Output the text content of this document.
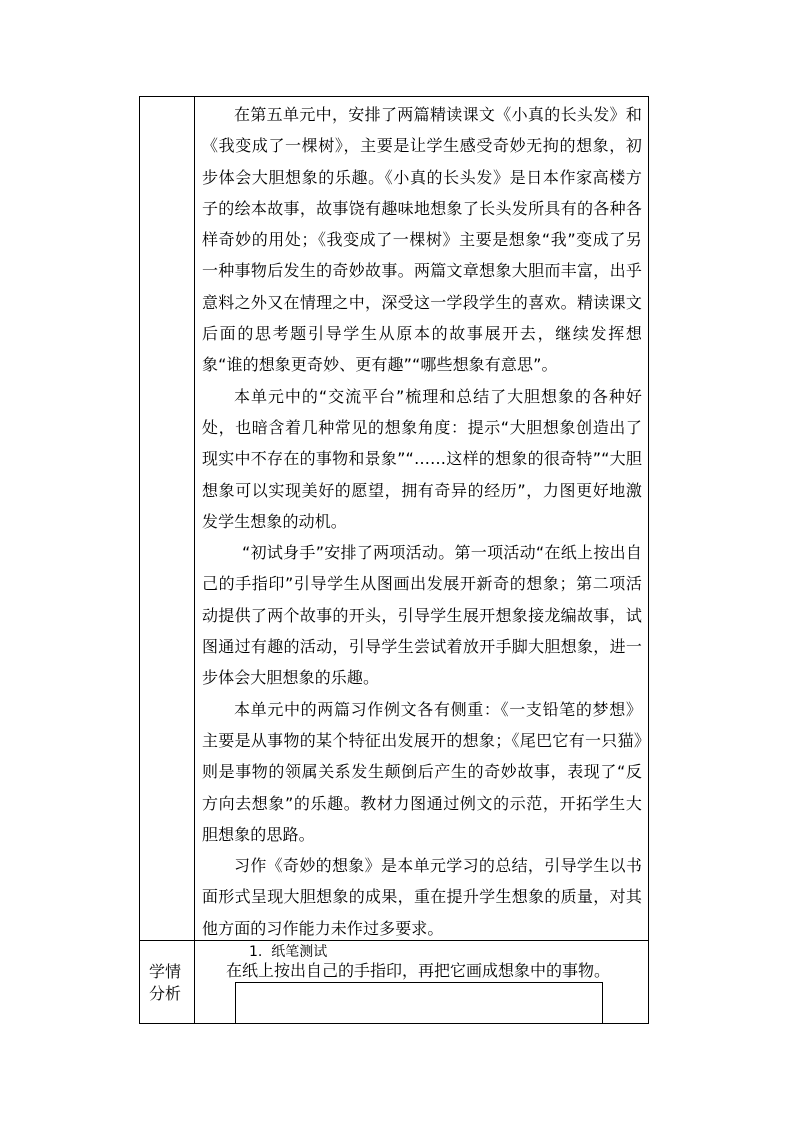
在第五单元中，安排了两篇精读课文《小真的长头发》和《我变成了一棵树》，主要是让学生感受奇妙无拘的想象，初步体会大胆想象的乐趣。《小真的长头发》是日本作家高楼方子的绘本故事，故事饶有趣味地想象了长头发所具有的各种各样奇妙的用处；《我变成了一棵树》主要是想象“我”变成了另一种事物后发生的奇妙故事。两篇文章想象大胆而丰富，出乎意料之外又在情理之中，深受这一学段学生的喜欢。精读课文后面的思考题引导学生从原本的故事展开去，继续发挥想象“谁的想象更奇妙、更有趣”“哪些想象有意思”。

本单元中的“交流平台”梳理和总结了大胆想象的各种好处，也暗含着几种常见的想象角度：提示“大胆想象创造出了现实中不存在的事物和景象”“……这样的想象的很奇特”“大胆想象可以实现美好的愿望，拥有奇异的经历”，力图更好地激发学生想象的动机。

“初试身手”安排了两项活动。第一项活动“在纸上按出自己的手指印”引导学生从图画出发展开新奇的想象；第二项活动提供了两个故事的开头，引导学生展开想象接龙编故事，试图通过有趣的活动，引导学生尝试着放开手脚大胆想象，进一步体会大胆想象的乐趣。

本单元中的两篇习作例文各有侧重：《一支铅笔的梦想》主要是从事物的某个特征出发展开的想象；《尾巴它有一只猫》则是事物的领属关系发生颠倒后产生的奇妙故事，表现了“反方向去想象”的乐趣。教材力图通过例文的示范，开拓学生大胆想象的思路。

习作《奇妙的想象》是本单元学习的总结，引导学生以书面形式呈现大胆想象的成果，重在提升学生想象的质量，对其他方面的习作能力未作过多要求。

学情分析
1. 纸笔测试
在纸上按出自己的手指印，再把它画成想象中的事物。
